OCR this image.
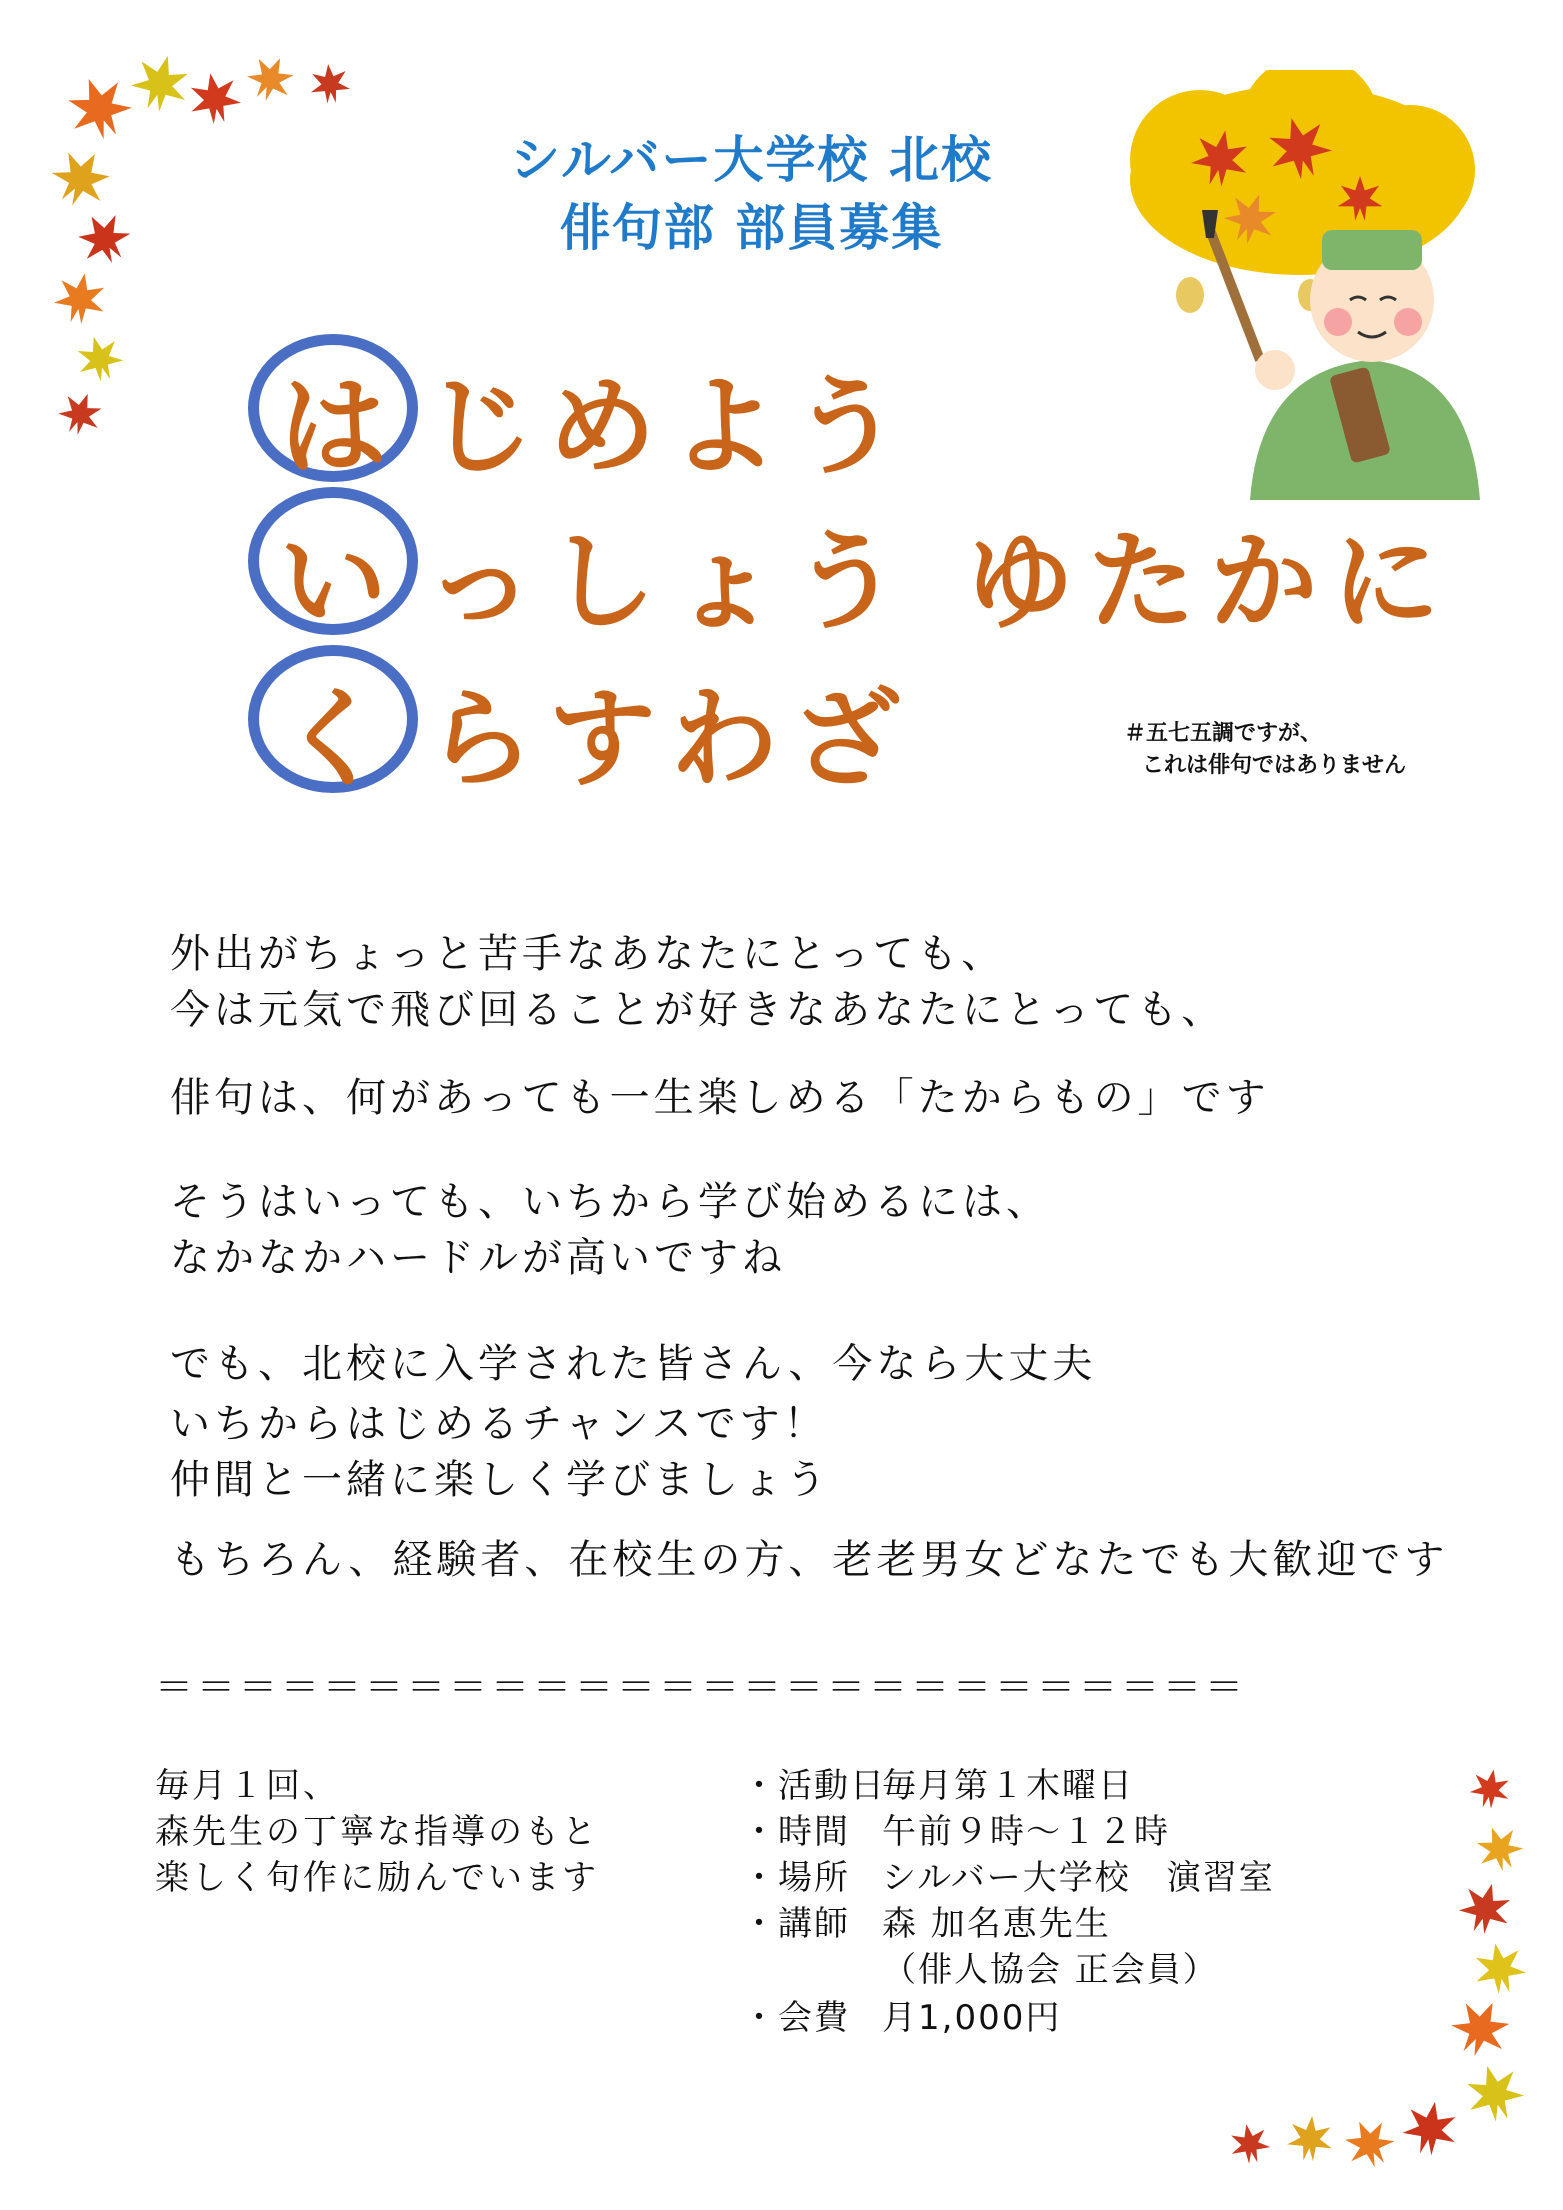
シルバー大学校 北校
俳句部 部員募集
は じめよう
い っしょう ゆたかに
く らすわざ	＃五七五調ですが、
これは俳句ではありません
外出がちょっと苦手なあなたにとっても、
今は元気で飛び回ることが好きなあなたにとっても、
俳句は、何があっても一生楽しめる「たからもの」です
そうはいっても、いちから学び始めるには、
なかなかハードルが高いですね
でも、北校に入学された皆さん、今なら大丈夫
いちからはじめるチャンスです！
仲間と一緒に楽しく学びましょう
もちろん、経験者、在校生の方、老老男女どなたでも大歓迎です
＝＝＝＝＝＝＝＝＝＝＝＝＝＝＝＝＝＝＝＝＝＝＝＝＝＝
毎月１回、
森先生の丁寧な指導のもと
楽しく句作に励んでいます
・活動日毎月第１木曜日
・時間 午前９時～１２時
・場所 シルバー大学校　演習室
・講師 森 加名恵先生
（俳人協会 正会員）
・会費 月1,000円
